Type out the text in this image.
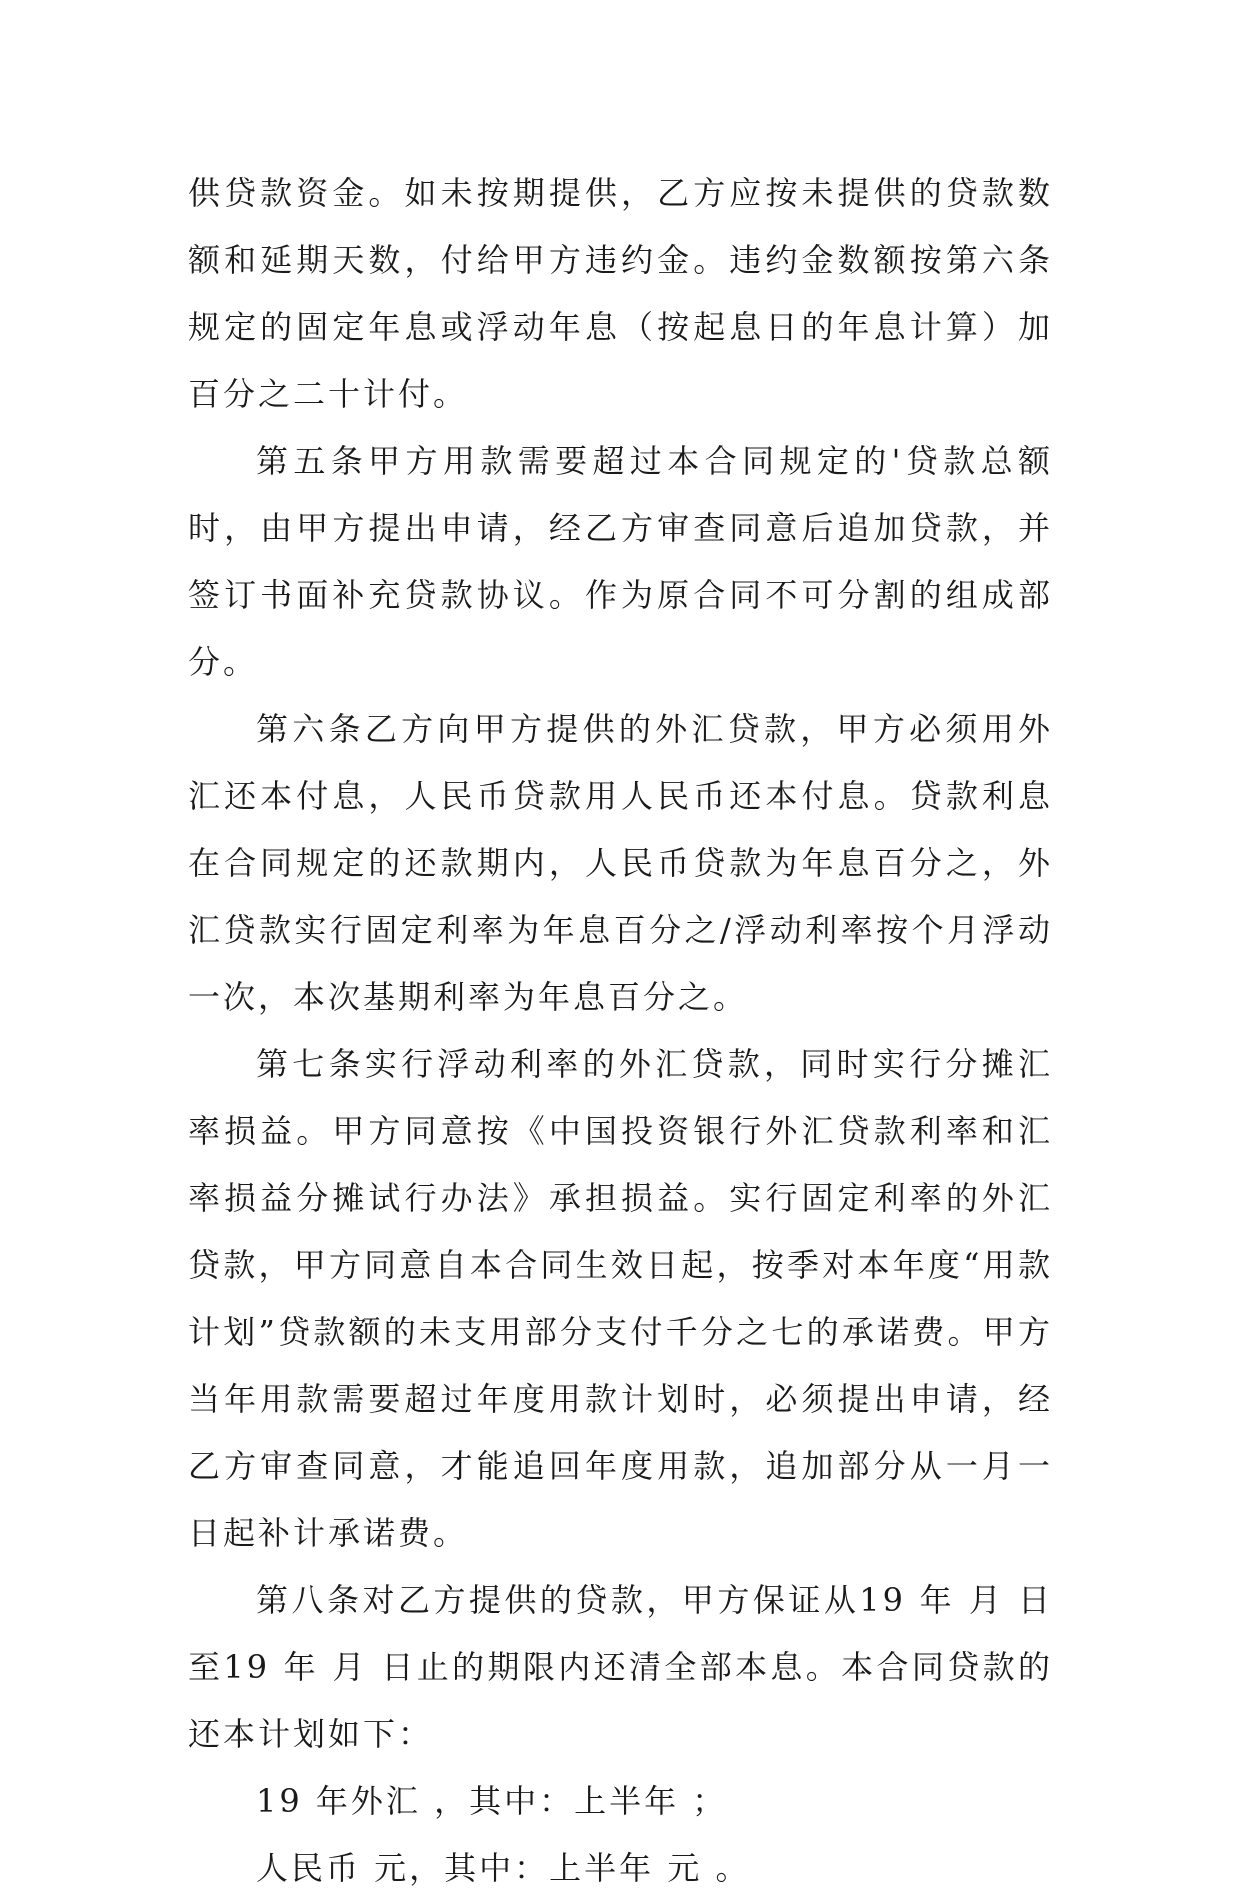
供贷款资金。如未按期提供，乙方应按未提供的贷款数额和延期天数，付给甲方违约金。违约金数额按第六条规定的固定年息或浮动年息（按起息日的年息计算）加百分之二十计付。

第五条甲方用款需要超过本合同规定的'贷款总额时，由甲方提出申请，经乙方审查同意后追加贷款，并签订书面补充贷款协议。作为原合同不可分割的组成部分。

第六条乙方向甲方提供的外汇贷款，甲方必须用外汇还本付息，人民币贷款用人民币还本付息。贷款利息在合同规定的还款期内，人民币贷款为年息百分之，外汇贷款实行固定利率为年息百分之/浮动利率按个月浮动一次，本次基期利率为年息百分之。

第七条实行浮动利率的外汇贷款，同时实行分摊汇率损益。甲方同意按《中国投资银行外汇贷款利率和汇率损益分摊试行办法》承担损益。实行固定利率的外汇贷款，甲方同意自本合同生效日起，按季对本年度“用款计划”贷款额的未支用部分支付千分之七的承诺费。甲方当年用款需要超过年度用款计划时，必须提出申请，经乙方审查同意，才能追回年度用款，追加部分从一月一日起补计承诺费。

第八条对乙方提供的贷款，甲方保证从19 年 月 日至19 年 月 日止的期限内还清全部本息。本合同贷款的还本计划如下：

19 年外汇 ，其中：上半年 ；

人民币 元，其中：上半年 元 。
